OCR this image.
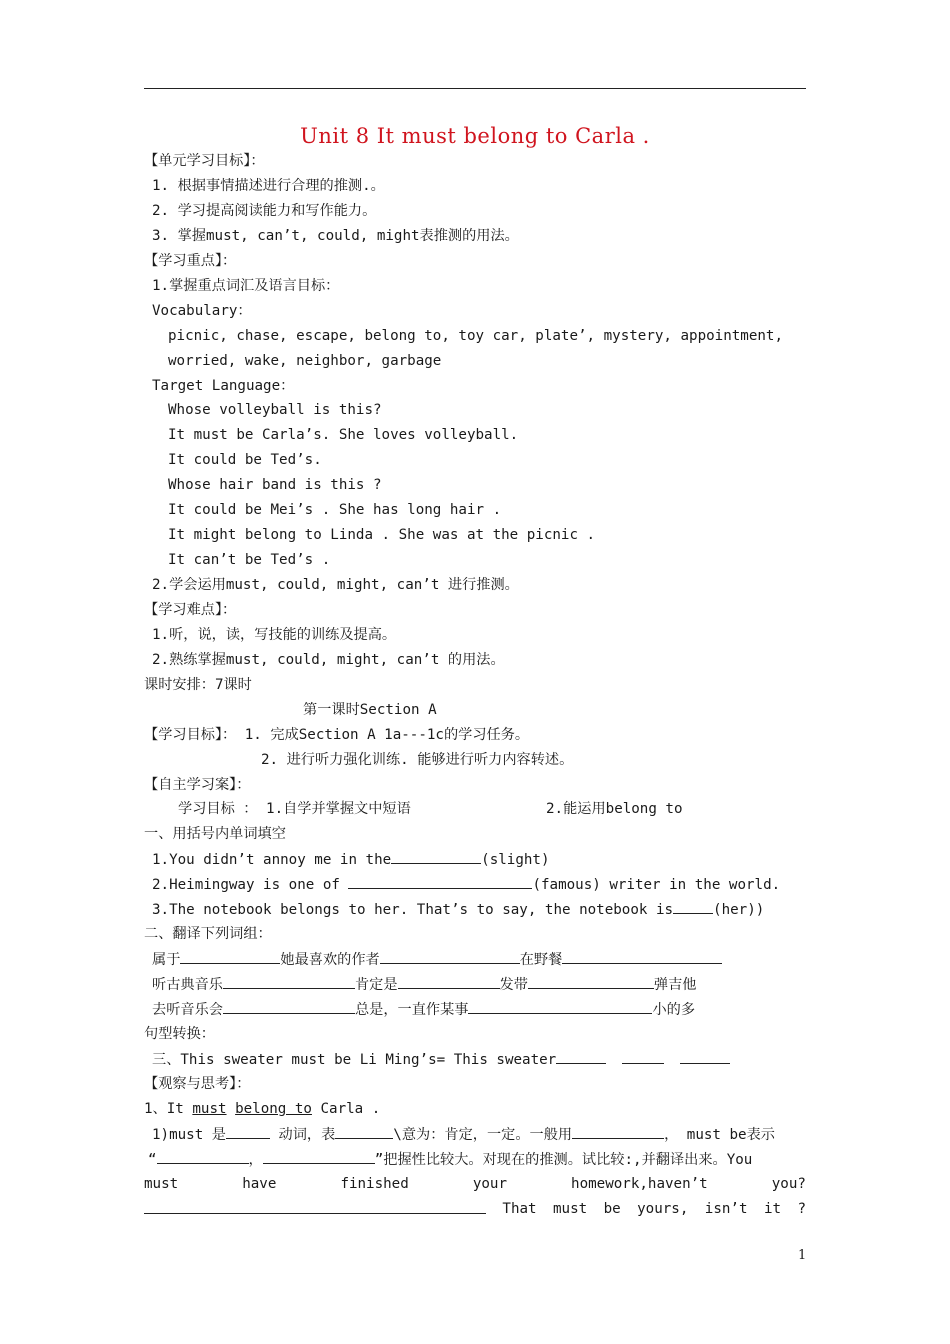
Unit 8 It must belong to Carla .
【单元学习目标】：
1. 根据事情描述进行合理的推测.。
2. 学习提高阅读能力和写作能力。
3. 掌握must, can’t, could, might表推测的用法。
【学习重点】：
1.掌握重点词汇及语言目标：
Vocabulary：
picnic, chase, escape, belong to, toy car, plate’, mystery, appointment,
worried, wake, neighbor, garbage
Target Language：
Whose volleyball is this?
It must be Carla’s. She loves volleyball.
It could be Ted’s.
Whose hair band is this ?
It could be Mei’s . She has long hair .
It might belong to Linda . She was at the picnic .
It can’t be Ted’s .
2.学会运用must, could, might, can’t 进行推测。
【学习难点】：
1.听，说，读，写技能的训练及提高。
2.熟练掌握must, could, might, can’t 的用法。
课时安排：7课时
第一课时Section A
【学习目标】： 1. 完成Section A 1a---1c的学习任务。
2. 进行听力强化训练. 能够进行听力内容转述。
【自主学习案】：
学习目标 ： 1.自学并掌握文中短语	2.能运用belong to
一、用括号内单词填空
1.You didn’t annoy me in the	(slight)
2.Heimingway is one of	(famous) writer in the world.
3.The notebook belongs to her. That’s to say, the notebook is	(her))
二、翻译下列词组：
属于	她最喜欢的作者	在野餐
听古典音乐	肯定是	发带	弹吉他
去听音乐会	总是，一直作某事	小的多
句型转换：
三、This sweater must be Li Ming’s= This sweater
【观察与思考】：
1、It must belong to Carla .
1)must 是	动词，表	\意为：肯定，一定。一般用	， must be表示
“	，	”把握性比较大。对现在的推测。试比较:,并翻译出来。You
must	have	finished	your	homework,haven’t	you?
That must be yours, isn’t it ?
1
